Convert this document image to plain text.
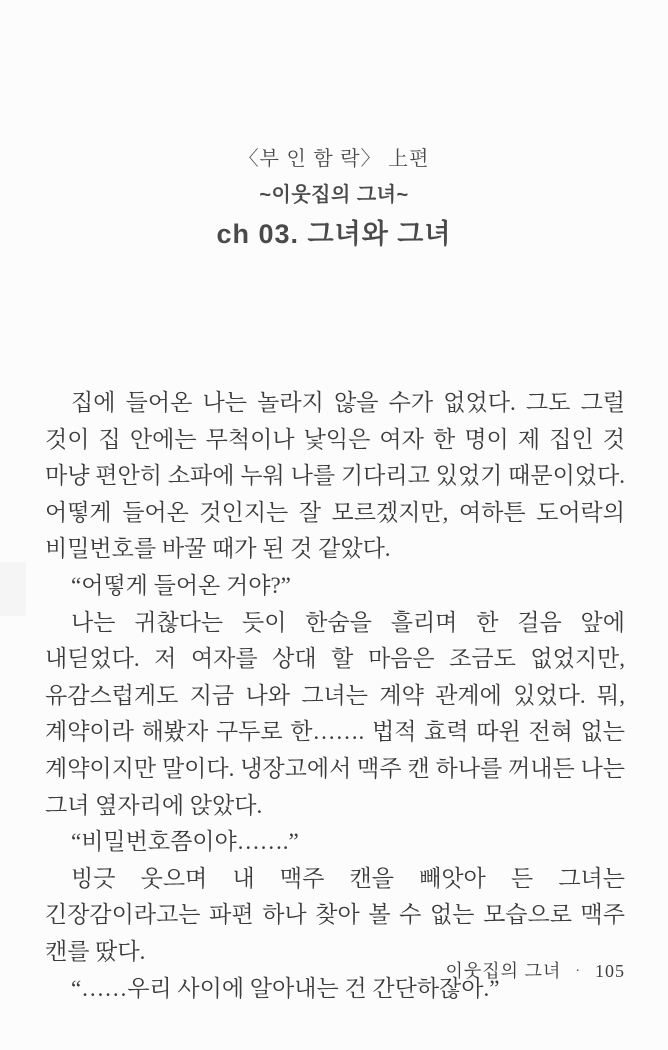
〈부 인 함 락〉 上편

~이웃집의 그녀~

ch 03. 그녀와 그녀

집에 들어온 나는 놀라지 않을 수가 없었다. 그도 그럴 것이 집 안에는 무척이나 낯익은 여자 한 명이 제 집인 것 마냥 편안히 소파에 누워 나를 기다리고 있었기 때문이었다. 어떻게 들어온 것인지는 잘 모르겠지만, 여하튼 도어락의 비밀번호를 바꿀 때가 된 것 같았다.

“어떻게 들어온 거야?”

나는 귀찮다는 듯이 한숨을 흘리며 한 걸음 앞에 내딛었다. 저 여자를 상대 할 마음은 조금도 없었지만, 유감스럽게도 지금 나와 그녀는 계약 관계에 있었다. 뭐, 계약이라 해봤자 구두로 한……. 법적 효력 따윈 전혀 없는 계약이지만 말이다. 냉장고에서 맥주 캔 하나를 꺼내든 나는 그녀 옆자리에 앉았다.

“비밀번호쯤이야…….”

빙긋 웃으며 내 맥주 캔을 빼앗아 든 그녀는 긴장감이라고는 파편 하나 찾아 볼 수 없는 모습으로 맥주 캔를 땄다.

“……우리 사이에 알아내는 건 간단하잖아.”

이웃집의 그녀 · 105
